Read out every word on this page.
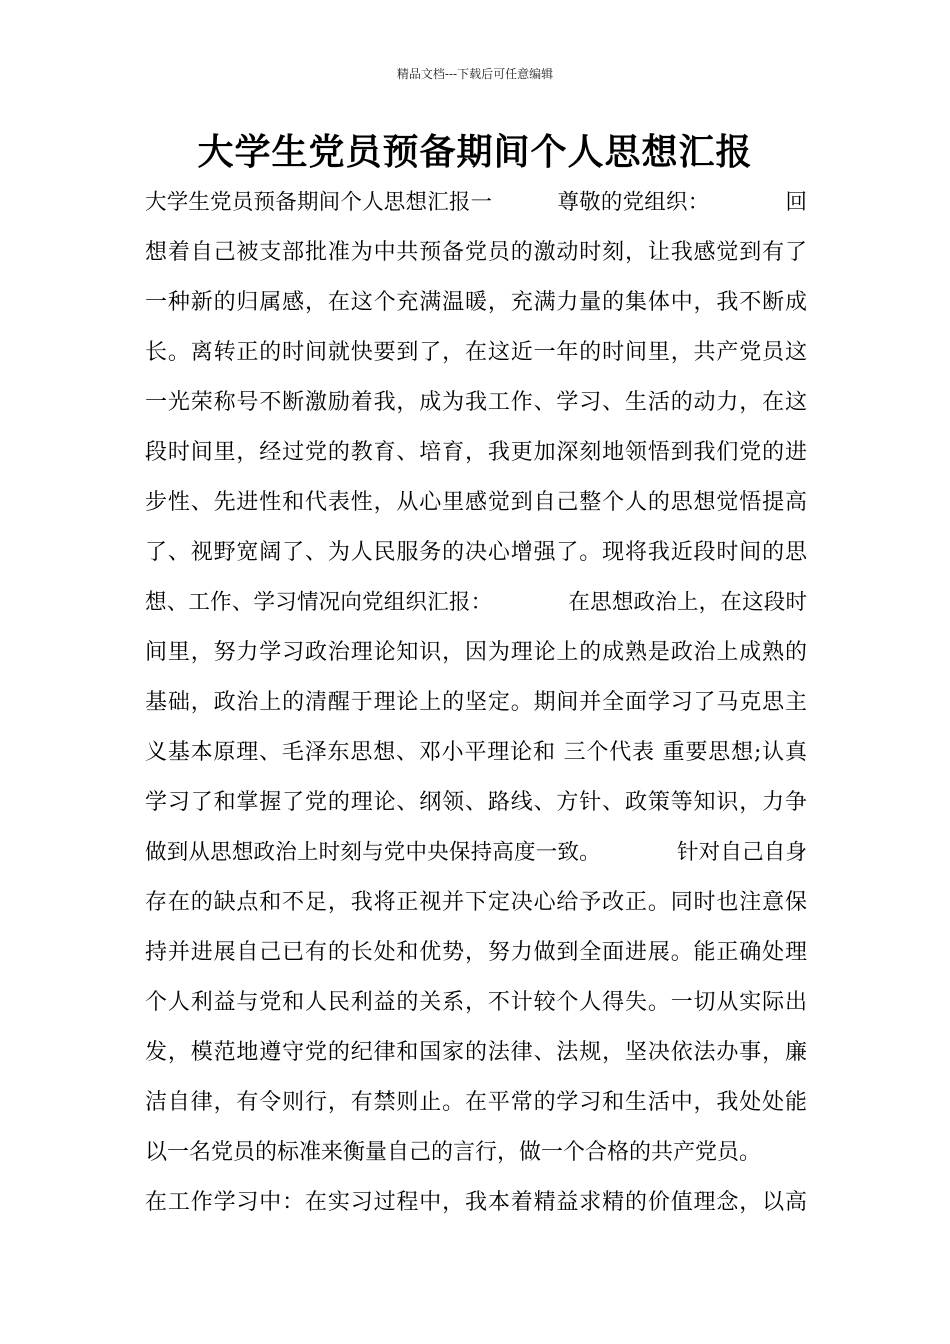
精品文档---下载后可任意编辑
大学生党员预备期间个人思想汇报
大学生党员预备期间个人思想汇报一　　　尊敬的党组织：　　　　回
想着自己被支部批准为中共预备党员的激动时刻，让我感觉到有了
一种新的归属感，在这个充满温暖，充满力量的集体中，我不断成
长。离转正的时间就快要到了，在这近一年的时间里，共产党员这
一光荣称号不断激励着我，成为我工作、学习、生活的动力，在这
段时间里，经过党的教育、培育，我更加深刻地领悟到我们党的进
步性、先进性和代表性，从心里感觉到自己整个人的思想觉悟提高
了、视野宽阔了、为人民服务的决心增强了。现将我近段时间的思
想、工作、学习情况向党组织汇报：　　　　在思想政治上，在这段时
间里，努力学习政治理论知识，因为理论上的成熟是政治上成熟的
基础，政治上的清醒于理论上的坚定。期间并全面学习了马克思主
义基本原理、毛泽东思想、邓小平理论和 三个代表 重要思想;认真
学习了和掌握了党的理论、纲领、路线、方针、政策等知识，力争
做到从思想政治上时刻与党中央保持高度一致。　　　　针对自己自身
存在的缺点和不足，我将正视并下定决心给予改正。同时也注意保
持并进展自己已有的长处和优势，努力做到全面进展。能正确处理
个人利益与党和人民利益的关系，不计较个人得失。一切从实际出
发，模范地遵守党的纪律和国家的法律、法规，坚决依法办事，廉
洁自律，有令则行，有禁则止。在平常的学习和生活中，我处处能
以一名党员的标准来衡量自己的言行，做一个合格的共产党员。
在工作学习中：在实习过程中，我本着精益求精的价值理念，以高
